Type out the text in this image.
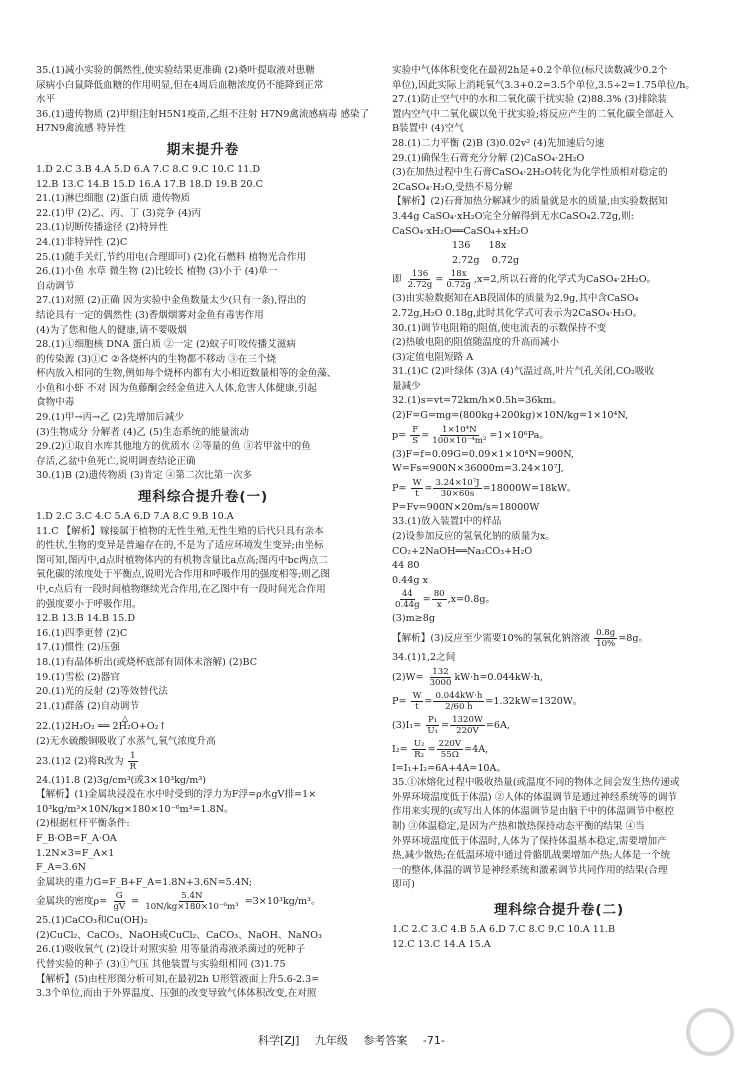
35.(1)减小实验的偶然性,使实验结果更准确 (2)桑叶提取液对患糖
尿病小白鼠降低血糖的作用明显,但在4周后血糖浓度仍不能降到正常
水平
36.(1)遗传物质 (2)甲组注射H5N1疫苗,乙组不注射 H7N9禽流感病毒 感染了H7N9禽流感 特异性
期末提升卷
1.D 2.C 3.B 4.A 5.D 6.A 7.C 8.C 9.C 10.C 11.D
12.B 13.C 14.B 15.D 16.A 17.B 18.D 19.B 20.C
21.(1)淋巴细胞 (2)蛋白质 遗传物质
22.(1)甲 (2)乙、丙、丁 (3)竞争 (4)丙
23.(1)切断传播途径 (2)特异性
24.(1)非特异性 (2)C
25.(1)随手关灯,节约用电(合理即可) (2)化石燃料 植物光合作用
26.(1)小鱼 水草 微生物 (2)比较长 植物 (3)小于 (4)单一
自动调节
27.(1)对照 (2)正确 因为实验中金鱼数量太少(只有一条),得出的
结论具有一定的偶然性 (3)香烟烟雾对金鱼有毒害作用
(4)为了您和他人的健康,请不要吸烟
28.(1)①细胞核 DNA 蛋白质 ②一定 (2)蚊子叮咬传播艾滋病
的传染源 (3)①C ②各烧杯内的生物都不移动 ③在三个烧
杯内放入相同的生物,例如每个烧杯内都有大小相近数量相等的金鱼藻、
小鱼和小虾 不对 因为鱼藤酮会经金鱼进入人体,危害人体健康,引起
食物中毒
29.(1)甲→丙→乙 (2)先增加后减少
(3)生物成分 分解者 (4)乙 (5)生态系统的能量流动
29.(2)①取自水库其他地方的优质水 ②等量的鱼 ③若甲盆中的鱼
存活,乙盆中鱼死亡,说明调查结论正确
30.(1)B (2)遗传物质 (3)肯定 ④第二次比第一次多
理科综合提升卷(一)
1.D 2.C 3.C 4.C 5.A 6.D 7.A 8.C 9.B 10.A
11.C 【解析】嫁接属于植物的无性生殖,无性生殖的后代只具有亲本
的性状,生物的变异是普遍存在的,不是为了适应环境发生变异;由坐标
图可知,图丙中,d点时植物体内的有机物含量比a点高;图丙中bc两点二
氧化碳的浓度处于平衡点,说明光合作用和呼吸作用的强度相等;则乙图
中,c点后有一段时间植物继续光合作用,在乙图中有一段时间光合作用
的强度要小于呼吸作用。
12.B 13.B 14.B 15.D
16.(1)四季更替 (2)C
17.(1)惯性 (2)压强
18.(1)有晶体析出(或烧杯底部有固体未溶解) (2)BC
19.(1)雪松 (2)器官
20.(1)光的反射 (2)等效替代法
21.(1)群落 (2)自动调节
△
22.(1)2H₂O₂ ══ 2H₂O+O₂↑
(2)无水硫酸铜吸收了水蒸气,氧气浓度升高
23.(1)2 (2)将R改为 $\frac{1}{R}$
24.(1)1.8 (2)3g/cm³(或3×10³kg/m³)
【解析】(1)金属块浸没在水中时受到的浮力为F浮=ρ水gV排=1×
10³kg/m³×10N/kg×180×10⁻⁶m³=1.8N。
(2)根据杠杆平衡条件:
F_B·OB=F_A·OA
1.2N×3=F_A×1
F_A=3.6N
金属块的重力G=F_B+F_A=1.8N+3.6N=5.4N;
金属块的密度$\rho= \frac{G}{gV} = \frac{5.4N}{\text{10N/kg×180×10⁻⁶m³}} =3\times 10^3kg/m^3$。
25.(1)CaCO₃和Cu(OH)₂
(2)CuCl₂、CaCO₃、NaOH或CuCl₂、CaCO₃、NaOH、NaNO₃
26.(1)吸收氧气 (2)设计对照实验 用等量消毒液杀菌过的死种子
代替实验的种子 (3)①气压 其他装置与实验组相同 (3)1.75
【解析】(5)由柱形图分析可知,在最初2h U形管液面上升5.6-2.3=
3.3个单位,而由于外界温度、压强的改变导致气体体积改变,在对照
实验中气体体积变化在最初2h是+0.2个单位(标尺读数减少0.2个
单位),因此实际上消耗氧气3.3+0.2=3.5个单位,3.5÷2=1.75单位/h。
27.(1)防止空气中的水和二氧化碳干扰实验 (2)88.3% (3)排除装
置内空气中二氧化碳以免干扰实验;将反应产生的二氧化碳全部赶入
B装置中 (4)空气
28.(1)二力平衡 (2)B (3)0.02v² (4)先加速后匀速
29.(1)确保生石膏充分分解 (2)CaSO₄·2H₂O
(3)在加热过程中生石膏CaSO₄·2H₂O转化为化学性质相对稳定的
2CaSO₄·H₂O,受热不易分解
【解析】(2)石膏加热分解减少的质量就是水的质量,由实验数据知
3.44g CaSO₄·xH₂O完全分解得到无水CaSO₄2.72g,则:
CaSO₄·xH₂O══CaSO₄+xH₂O
136      18x
2.72g    0.72g
即 $\frac{136}{2.72g} = \frac{18x}{0.72g} ,x=2$,所以石膏的化学式为CaSO₄·2H₂O。
(3)由实验数据知在AB段固体的质量为2.9g,其中含CaSO₄
2.72g,H₂O 0.18g,此时其化学式可表示为2CaSO₄·H₂O。
30.(1)调节电阻箱的阻值,使电流表的示数保持不变
(2)热敏电阻的阻值随温度的升高而减小
(3)定值电阻短路 A
31.(1)C (2)叶绿体 (3)A (4)气温过高,叶片气孔关闭,CO₂吸收
量减少
32.(1)s=vt=72km/h×0.5h=36km。
(2)F=G=mg=(800kg+200kg)×10N/kg=1×10⁴N,
$p= \frac{F}{S} = \frac{\text{1×10⁴N}}{\text{100×10⁻⁴m²}} =1\times 10^6Pa$。
(3)F=f=0.09G=0.09×1×10⁴N=900N,
W=Fs=900N×36000m=3.24×10⁷J,
$P= \frac{W}{t} = \frac{\text{3.24×10⁷J}}{30\times 60s} =18000W=18kW$。
P=Fv=900N×20m/s=18000W
33.(1)放入装置Ⅰ中的样品
(2)设参加反应的氢氧化钠的质量为x。
CO₂+2NaOH══Na₂CO₃+H₂O
44 80
0.44g x
$\frac{44}{0.44g} = \frac{80}{x} ,x=0.8g$。
(3)m≥8g
【解析】(3)反应至少需要10%的氢氧化钠溶液 $\frac{0.8g}{10\%} =8g$。
34.(1)1,2之间
$(2)W= \frac{132}{3000} kW\cdot h=0.044kW\cdot h$,
$P= \frac{W}{t} = \frac{0.044kW\cdot h}{2/60 h} =1.32kW=1320W$。
$(3)I_1= \frac{\text{P₁}}{\text{U₁}} = \frac{1320W}{220V} =6A$,
$I_2= \frac{\text{U₂}}{\text{R₂}} = \frac{220V}{55\Omega} =4A$,
I=I₁+I₂=6A+4A=10A。
35.①冰熔化过程中吸收热量(或温度不同的物体之间会发生热传递或
外界环境温度低于体温) ②人体的体温调节是通过神经系统等的调节
作用来实现的(或写出人体的体温调节是由脑干中的体温调节中枢控
制) ③体温稳定,是因为产热和散热保持动态平衡的结果 ④当
外界环境温度低于体温时,人体为了保持体温基本稳定,需要增加产
热,减少散热;在低温环境中通过骨骼肌战栗增加产热;人体是一个统
一的整体,体温的调节是神经系统和激素调节共同作用的结果(合理
即可)
理科综合提升卷(二)
1.C 2.C 3.C 4.B 5.A 6.D 7.C 8.C 9.C 10.A 11.B
12.C 13.C 14.A 15.A
科学[ZJ] 九年级 参考答案 -71-
